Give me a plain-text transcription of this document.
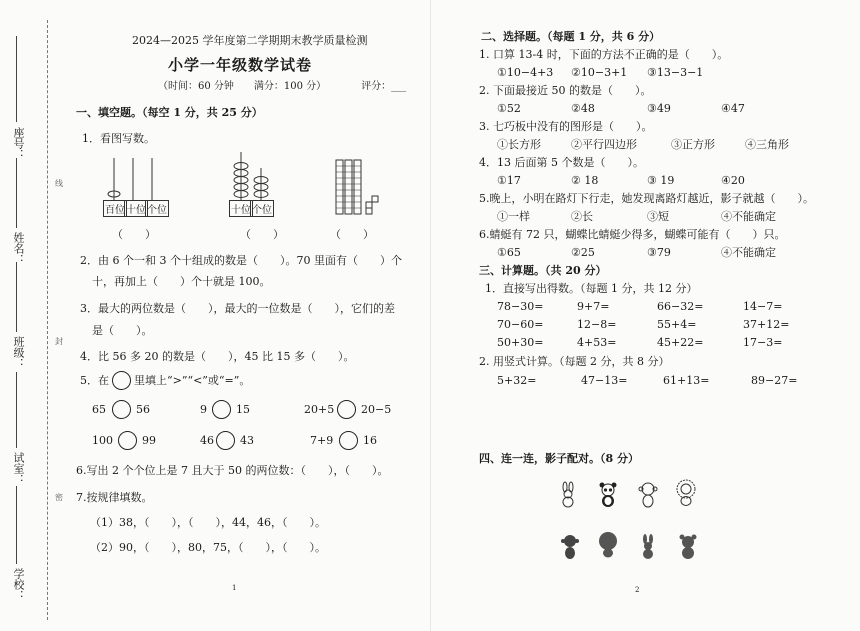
座号：
姓名：
班级：
试室：
学校：
线
封
密
2024—2025 学年度第二学期期末教学质量检测
小学一年级数学试卷
（时间：60 分钟　　满分：100 分）　　　　评分：___
一、填空题。（每空 1 分，共 25 分）
1．看图写数。
百位 十位 个位	十位 个位
（　　）	（　　）	（　　）
2．由 6 个一和 3 个十组成的数是（　　）。70 里面有（　　）个
十，再加上（　　）个十就是 100。
3．最大的两位数是（　　），最大的一位数是（　　），它们的差
是（　　）。
4．比 56 多 20 的数是（　　），45 比 15 多（　　）。
5．在 里填上“>”“<”或“=”。
65	56	9	15	20+5 20−5
100	99	46 43	7+9	16
6.写出 2 个个位上是 7 且大于 50 的两位数：（　　），（　　）。
7.按规律填数。
（1）38，（　　），（　　），44，46，（　　）。
（2）90，（　　），80，75，（　　），（　　）。
1
二、选择题。（每题 1 分，共 6 分）
1. 口算 13-4 时，下面的方法不正确的是（　　）。
①10−4+3 ②10−3+1 ③13−3−1
2. 下面最接近 50 的数是（　　）。
①52	②48	③49	④47
3. 七巧板中没有的图形是（　　）。
①长方形	②平行四边形	③正方形	④三角形
4．13 后面第 5 个数是（　　）。
①17	② 18	③ 19	④20
5.晚上，小明在路灯下行走，她发现离路灯越近，影子就越（　　）。
①一样	②长	③短	④不能确定
6.蜻蜓有 72 只，蝴蝶比蜻蜓少得多，蝴蝶可能有（　　）只。
①65	②25	③79	④不能确定
三、计算题。（共 20 分）
1．直接写出得数。（每题 1 分，共 12 分）
78−30=	9+7=	66−32=	14−7=
70−60=	12−8=	55+4=	37+12=
50+30=	4+53=	45+22=	17−3=
2. 用竖式计算。（每题 2 分，共 8 分）
5+32=	47−13=	61+13=	89−27=
四、连一连，影子配对。（8 分）
2
